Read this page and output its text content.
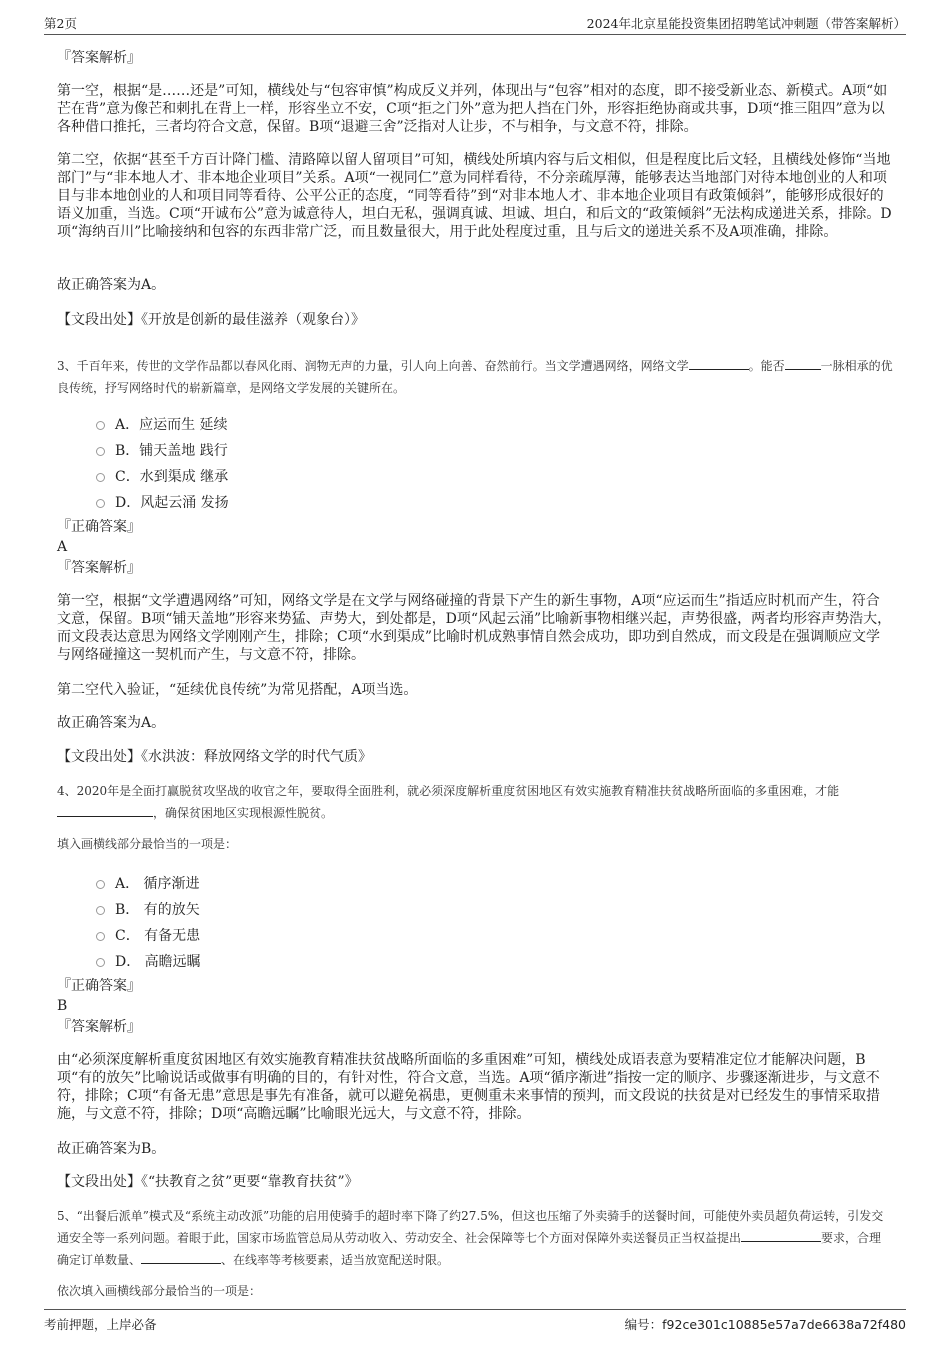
第2页	2024年北京星能投资集团招聘笔试冲刺题（带答案解析）
『答案解析』
第一空，根据“是……还是”可知，横线处与“包容审慎”构成反义并列，体现出与“包容”相对的态度，即不接受新业态、新模式。A项“如芒在背”意为像芒和刺扎在背上一样，形容坐立不安，C项“拒之门外”意为把人挡在门外，形容拒绝协商或共事，D项“推三阻四”意为以各种借口推托，三者均符合文意，保留。B项“退避三舍”泛指对人让步，不与相争，与文意不符，排除。
第二空，依据“甚至千方百计降门槛、清路障以留人留项目”可知，横线处所填内容与后文相似，但是程度比后文轻，且横线处修饰“当地部门”与“非本地人才、非本地企业项目”关系。A项“一视同仁”意为同样看待，不分亲疏厚薄，能够表达当地部门对待本地创业的人和项目与非本地创业的人和项目同等看待、公平公正的态度，“同等看待”到“对非本地人才、非本地企业项目有政策倾斜”，能够形成很好的语义加重，当选。C项“开诚布公”意为诚意待人，坦白无私，强调真诚、坦诚、坦白，和后文的“政策倾斜”无法构成递进关系，排除。D项“海纳百川”比喻接纳和包容的东西非常广泛，而且数量很大，用于此处程度过重，且与后文的递进关系不及A项准确，排除。
故正确答案为A。
【文段出处】《开放是创新的最佳滋养（观象台）》
3、千百年来，传世的文学作品都以春风化雨、润物无声的力量，引人向上向善、奋然前行。当文学遭遇网络，网络文学	。能否	一脉相承的优良传统，抒写网络时代的崭新篇章，是网络文学发展的关键所在。
A．应运而生 延续
B．铺天盖地 践行
C．水到渠成 继承
D．风起云涌 发扬
『正确答案』
A
『答案解析』
第一空，根据“文学遭遇网络”可知，网络文学是在文学与网络碰撞的背景下产生的新生事物，A项“应运而生”指适应时机而产生，符合文意，保留。B项“铺天盖地”形容来势猛、声势大，到处都是，D项“风起云涌”比喻新事物相继兴起，声势很盛，两者均形容声势浩大，而文段表达意思为网络文学刚刚产生，排除；C项“水到渠成”比喻时机成熟事情自然会成功，即功到自然成，而文段是在强调顺应文学与网络碰撞这一契机而产生，与文意不符，排除。
第二空代入验证，“延续优良传统”为常见搭配，A项当选。
故正确答案为A。
【文段出处】《水洪波：释放网络文学的时代气质》
4、2020年是全面打赢脱贫攻坚战的收官之年，要取得全面胜利，就必须深度解析重度贫困地区有效实施教育精准扶贫战略所面临的多重困难，才能，确保贫困地区实现根源性脱贫。
填入画横线部分最恰当的一项是：
A． 循序渐进
B． 有的放矢
C． 有备无患
D． 高瞻远瞩
『正确答案』
B
『答案解析』
由“必须深度解析重度贫困地区有效实施教育精准扶贫战略所面临的多重困难”可知，横线处成语表意为要精准定位才能解决问题，B项“有的放矢”比喻说话或做事有明确的目的，有针对性，符合文意，当选。A项“循序渐进”指按一定的顺序、步骤逐渐进步，与文意不符，排除；C项“有备无患”意思是事先有准备，就可以避免祸患，更侧重未来事情的预判，而文段说的扶贫是对已经发生的事情采取措施，与文意不符，排除；D项“高瞻远瞩”比喻眼光远大，与文意不符，排除。
故正确答案为B。
【文段出处】《“扶教育之贫”更要“靠教育扶贫”》
5、“出餐后派单”模式及“系统主动改派”功能的启用使骑手的超时率下降了约27.5%，但这也压缩了外卖骑手的送餐时间，可能使外卖员超负荷运转，引发交通安全等一系列问题。着眼于此，国家市场监管总局从劳动收入、劳动安全、社会保障等七个方面对保障外卖送餐员正当权益提出	要求，合理确定订单数量、	、在线率等考核要素，适当放宽配送时限。
依次填入画横线部分最恰当的一项是：
考前押题，上岸必备	编号：f92ce301c10885e57a7de6638a72f480
